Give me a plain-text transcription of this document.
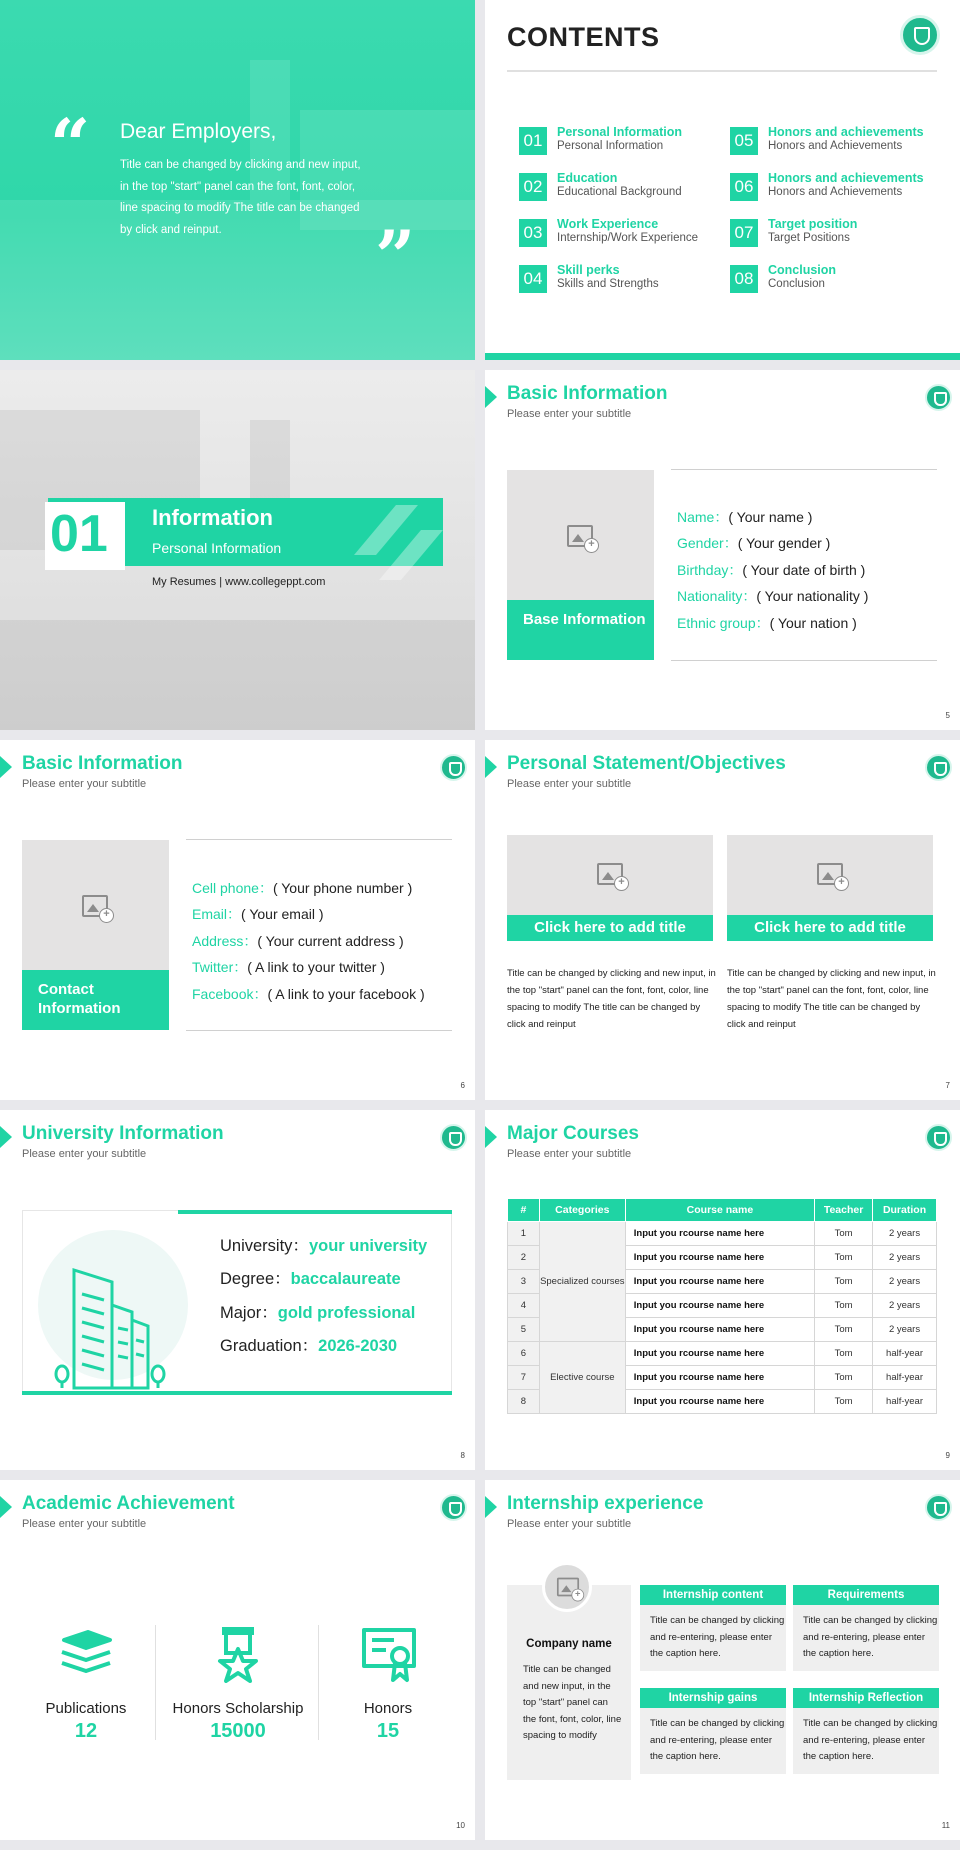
“ Dear Employers,
Title can be changed by clicking and new input, in the top "start" panel can the font, font, color, line spacing to modify The title can be changed by click and reinput.	”
CONTENTS
01	Personal Information
Personal Information
02	Education
Educational Background
03	Work Experience
Internship/Work Experience
04	Skill perks
Skills and Strengths
05	Honors and achievements
Honors and Achievements
06	Honors and achievements
Honors and Achievements
07	Target position
Target Positions
08	Conclusion
Conclusion
01 Information
Personal Information
My Resumes | www.collegeppt.com
Basic Information
Please enter your subtitle
+
Base Information
Name：( Your name )
Gender：( Your gender )
Birthday：( Your date of birth )
Nationality：( Your nationality )
Ethnic group：( Your nation )
5
Basic Information
Please enter your subtitle
+
Contact Information
Cell phone：( Your phone number )
Email：( Your email )
Address：( Your current address )
Twitter：( A link to your twitter )
Facebook：( A link to your facebook )
6
Personal Statement/Objectives
Please enter your subtitle
+
Click here to add title
Title can be changed by clicking and new input, in the top "start" panel can the font, font, color, line spacing to modify The title can be changed by click and reinput
+
Click here to add title
Title can be changed by clicking and new input, in the top "start" panel can the font, font, color, line spacing to modify The title can be changed by click and reinput
7
University Information
Please enter your subtitle
University：your university
Degree：baccalaureate
Major：gold professional
Graduation：2026-2030
8
Major Courses
Please enter your subtitle
#	Categories	Course name	Teacher	Duration
1	Specialized courses	Input you rcourse name here	Tom	2 years
2		Input you rcourse name here	Tom	2 years
3		Input you rcourse name here	Tom	2 years
4		Input you rcourse name here	Tom	2 years
5		Input you rcourse name here	Tom	2 years
6	Elective course	Input you rcourse name here	Tom	half-year
7		Input you rcourse name here	Tom	half-year
8		Input you rcourse name here	Tom	half-year
9
Academic Achievement
Please enter your subtitle
Publications
12
Honors Scholarship
15000
Honors
15
10
Internship experience
Please enter your subtitle
+
Company name
Title can be changed and new input, in the top "start" panel can the font, font, color, line spacing to modify
Internship content
Title can be changed by clicking and re-entering, please enter the caption here.
Requirements
Title can be changed by clicking and re-entering, please enter the caption here.
Internship gains
Title can be changed by clicking and re-entering, please enter the caption here.
Internship Reflection
Title can be changed by clicking and re-entering, please enter the caption here.
11
